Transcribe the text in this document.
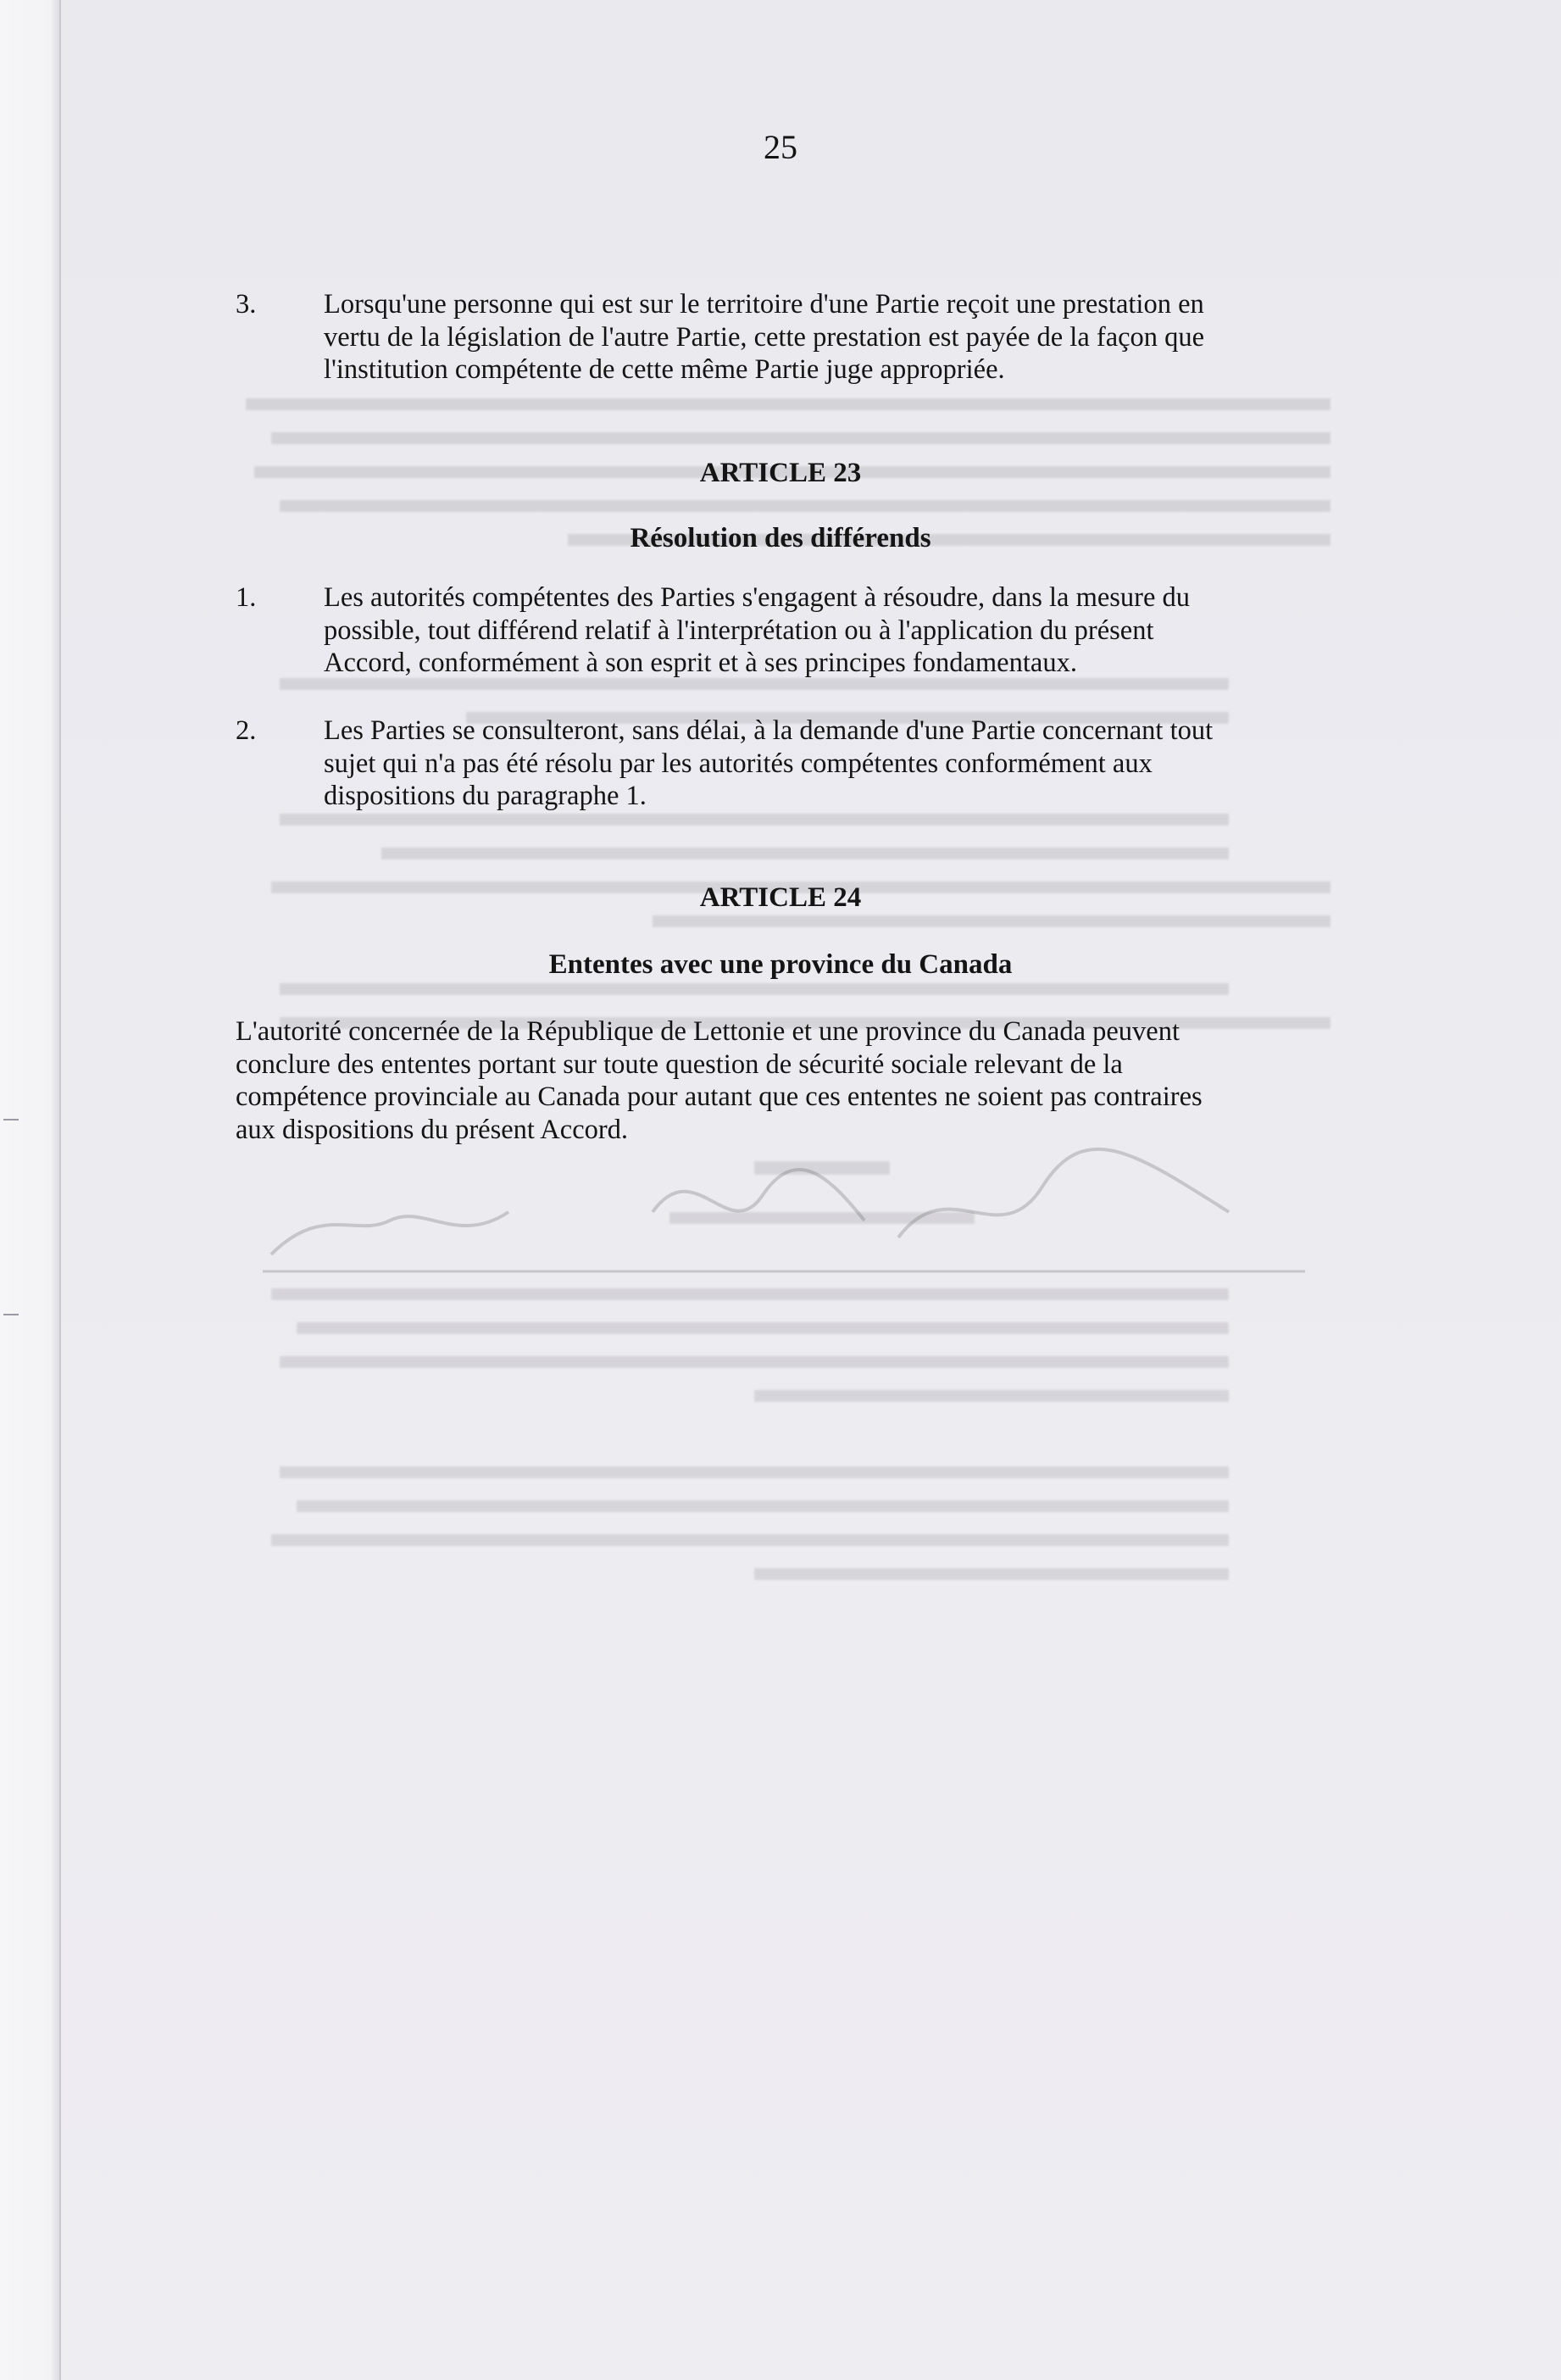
25
3.	Lorsqu'une personne qui est sur le territoire d'une Partie reçoit une prestation en
vertu de la législation de l'autre Partie, cette prestation est payée de la façon que
l'institution compétente de cette même Partie juge appropriée.
ARTICLE 23
Résolution des différends
1.	Les autorités compétentes des Parties s'engagent à résoudre, dans la mesure du
possible, tout différend relatif à l'interprétation ou à l'application du présent
Accord, conformément à son esprit et à ses principes fondamentaux.
2.	Les Parties se consulteront, sans délai, à la demande d'une Partie concernant tout
sujet qui n'a pas été résolu par les autorités compétentes conformément aux
dispositions du paragraphe 1.
ARTICLE 24
Ententes avec une province du Canada
L'autorité concernée de la République de Lettonie et une province du Canada peuvent
conclure des ententes portant sur toute question de sécurité sociale relevant de la
compétence provinciale au Canada pour autant que ces ententes ne soient pas contraires
aux dispositions du présent Accord.
